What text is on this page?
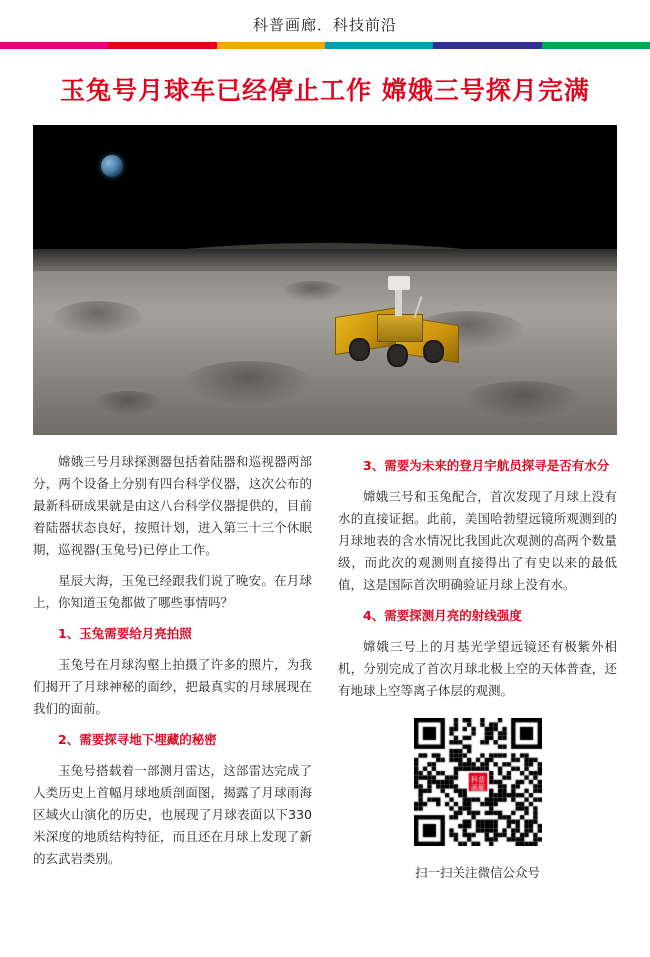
科普画廊．科技前沿
玉兔号月球车已经停止工作 嫦娥三号探月完满

嫦娥三号月球探测器包括着陆器和巡视器两部分，两个设备上分别有四台科学仪器，这次公布的最新科研成果就是由这八台科学仪器提供的，目前着陆器状态良好，按照计划，进入第三十三个休眠期，巡视器(玉兔号)已停止工作。

星辰大海，玉兔已经跟我们说了晚安。在月球上，你知道玉兔都做了哪些事情吗？

1、玉兔需要给月亮拍照

玉兔号在月球沟壑上拍摄了许多的照片，为我们揭开了月球神秘的面纱，把最真实的月球展现在我们的面前。

2、需要探寻地下埋藏的秘密

玉兔号搭载着一部测月雷达，这部雷达完成了人类历史上首幅月球地质剖面图，揭露了月球雨海区域火山演化的历史，也展现了月球表面以下330米深度的地质结构特征，而且还在月球上发现了新的玄武岩类别。

3、需要为未来的登月宇航员探寻是否有水分

嫦娥三号和玉兔配合，首次发现了月球上没有水的直接证据。此前，美国哈勃望远镜所观测到的月球地表的含水情况比我国此次观测的高两个数量级，而此次的观测则直接得出了有史以来的最低值，这是国际首次明确验证月球上没有水。

4、需要探测月亮的射线强度

嫦娥三号上的月基光学望远镜还有极紫外相机，分别完成了首次月球北极上空的天体普查，还有地球上空等离子体层的观测。

扫一扫关注微信公众号
